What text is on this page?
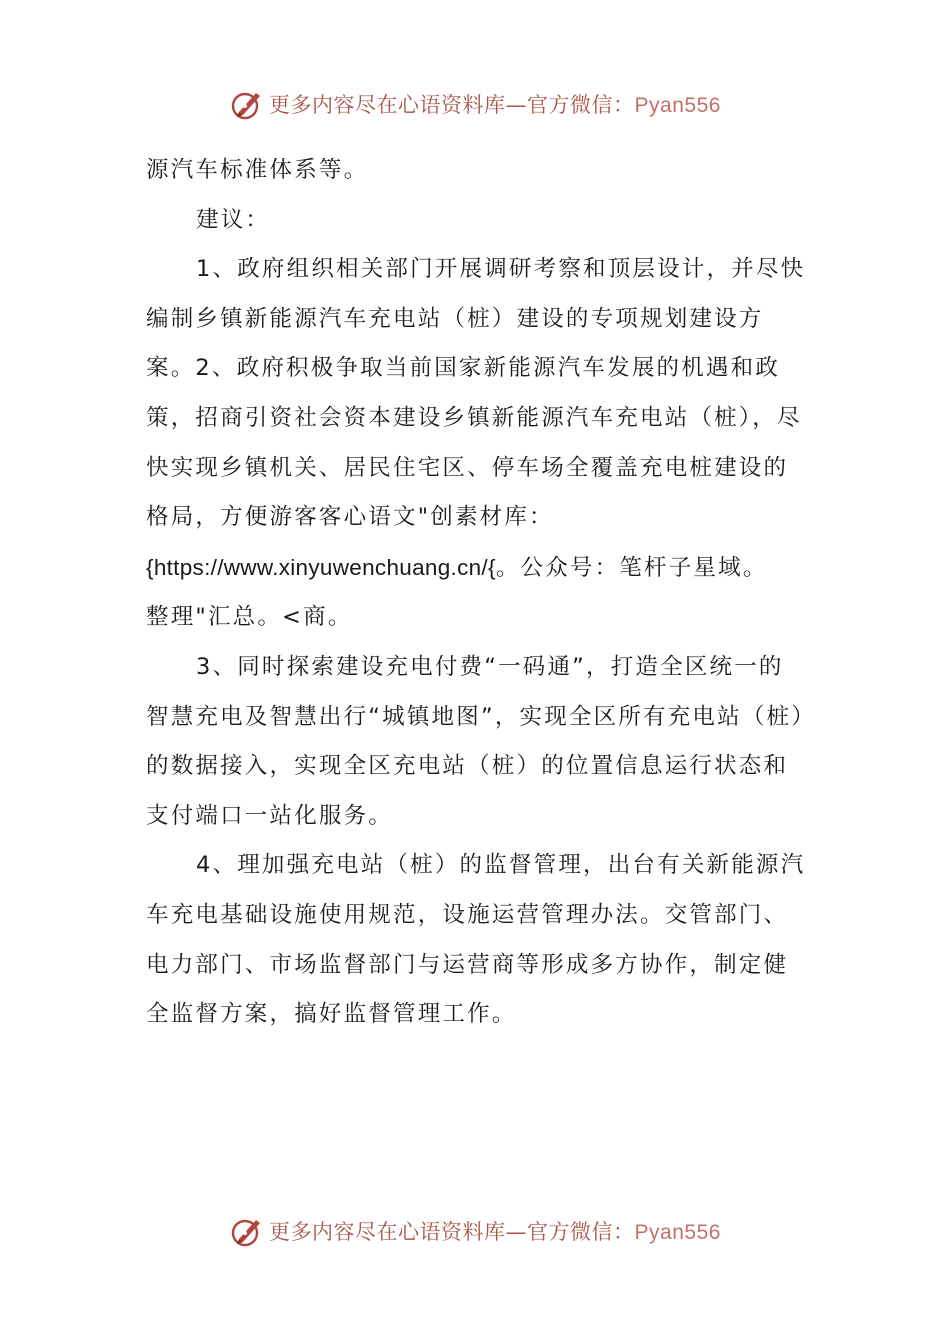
更多内容尽在心语资料库—官方微信：Pyan556

源汽车标准体系等。

建议：

1、政府组织相关部门开展调研考察和顶层设计，并尽快编制乡镇新能源汽车充电站（桩）建设的专项规划建设方案。2、政府积极争取当前国家新能源汽车发展的机遇和政策，招商引资社会资本建设乡镇新能源汽车充电站（桩），尽快实现乡镇机关、居民住宅区、停车场全覆盖充电桩建设的格局，方便游客客心语文"创素材库：{https://www.xinyuwenchuang.cn/{。公众号：笔杆子星域。

整理"汇总。<商。

3、同时探索建设充电付费“一码通”，打造全区统一的智慧充电及智慧出行“城镇地图”，实现全区所有充电站（桩）的数据接入，实现全区充电站（桩）的位置信息运行状态和支付端口一站化服务。

4、理加强充电站（桩）的监督管理，出台有关新能源汽车充电基础设施使用规范，设施运营管理办法。交管部门、电力部门、市场监督部门与运营商等形成多方协作，制定健全监督方案，搞好监督管理工作。

更多内容尽在心语资料库—官方微信：Pyan556
